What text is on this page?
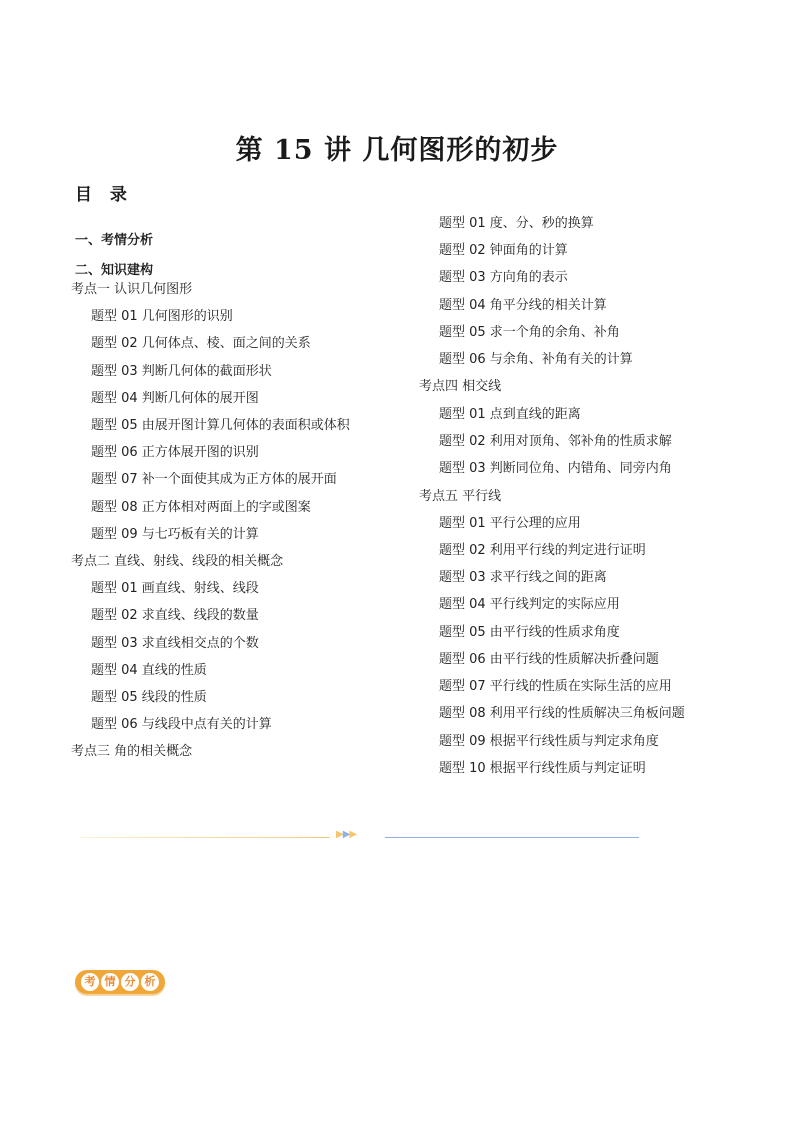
第 15 讲 几何图形的初步
目 录
一、考情分析
二、知识建构
考点一 认识几何图形
题型 01 几何图形的识别
题型 02 几何体点、棱、面之间的关系
题型 03 判断几何体的截面形状
题型 04 判断几何体的展开图
题型 05 由展开图计算几何体的表面积或体积
题型 06 正方体展开图的识别
题型 07 补一个面使其成为正方体的展开面
题型 08 正方体相对两面上的字或图案
题型 09 与七巧板有关的计算
考点二 直线、射线、线段的相关概念
题型 01 画直线、射线、线段
题型 02 求直线、线段的数量
题型 03 求直线相交点的个数
题型 04 直线的性质
题型 05 线段的性质
题型 06 与线段中点有关的计算
考点三 角的相关概念
题型 01 度、分、秒的换算
题型 02 钟面角的计算
题型 03 方向角的表示
题型 04 角平分线的相关计算
题型 05 求一个角的余角、补角
题型 06 与余角、补角有关的计算
考点四 相交线
题型 01 点到直线的距离
题型 02 利用对顶角、邻补角的性质求解
题型 03 判断同位角、内错角、同旁内角
考点五 平行线
题型 01 平行公理的应用
题型 02 利用平行线的判定进行证明
题型 03 求平行线之间的距离
题型 04 平行线判定的实际应用
题型 05 由平行线的性质求角度
题型 06 由平行线的性质解决折叠问题
题型 07 平行线的性质在实际生活的应用
题型 08 利用平行线的性质解决三角板问题
题型 09 根据平行线性质与判定求角度
题型 10 根据平行线性质与判定证明
▶▶▶
考 情 分 析
